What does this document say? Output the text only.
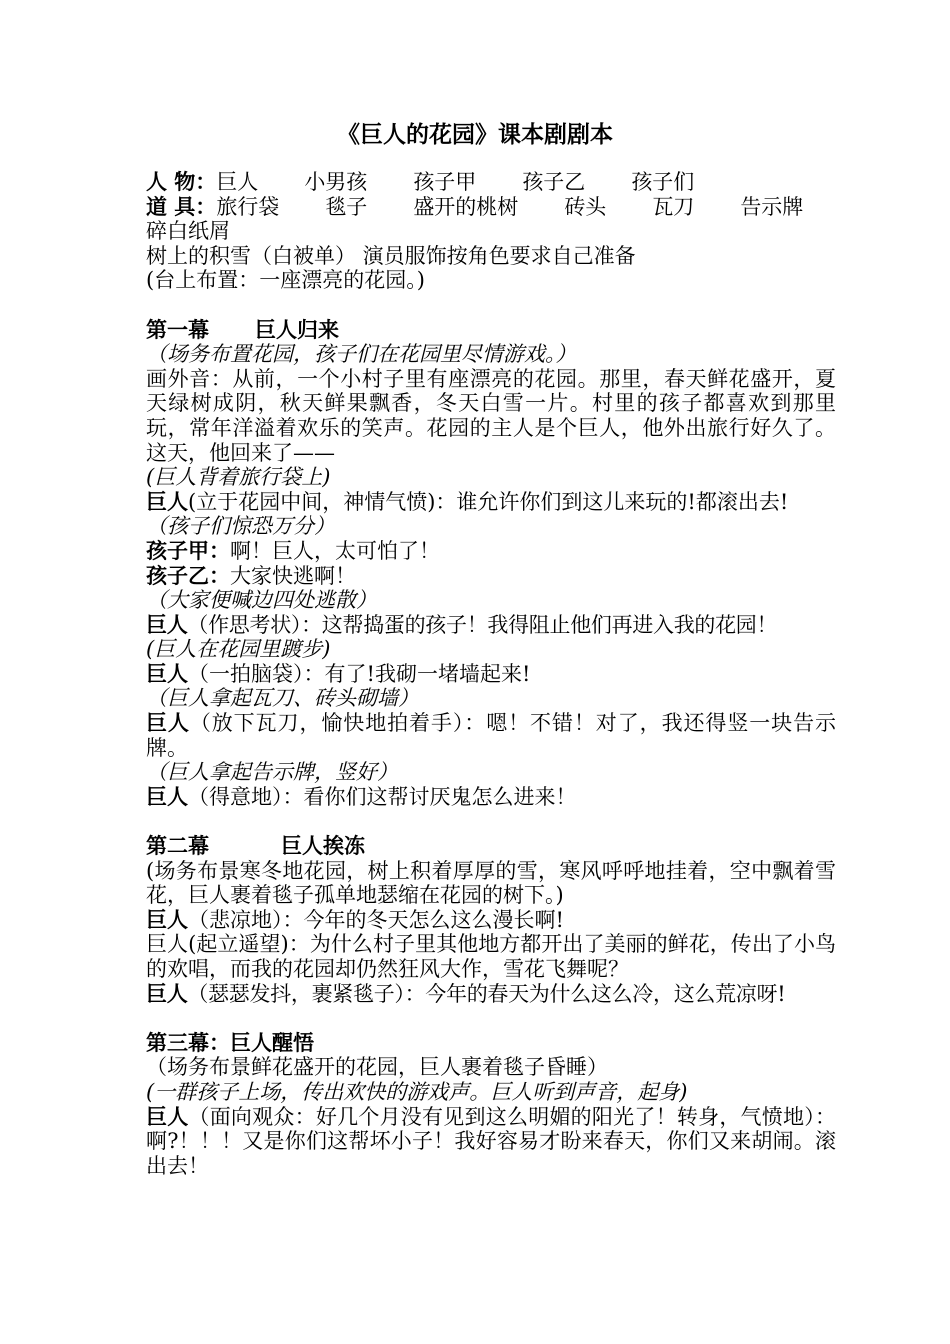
《巨人的花园》课本剧剧本
人 物：巨人 小男孩 孩子甲 孩子乙 孩子们
道 具：旅行袋 毯子 盛开的桃树 砖头 瓦刀 告示牌
碎白纸屑
树上的积雪（白被单） 演员服饰按角色要求自己准备
(台上布置：一座漂亮的花园。)
第一幕 巨人归来
（场务布置花园，孩子们在花园里尽情游戏。）
画外音：从前，一个小村子里有座漂亮的花园。那里，春天鲜花盛开，夏天绿树成阴，秋天鲜果飘香，冬天白雪一片。村里的孩子都喜欢到那里玩，常年洋溢着欢乐的笑声。花园的主人是个巨人，他外出旅行好久了。这天，他回来了——
(巨人背着旅行袋上)
巨人(立于花园中间，神情气愤)：谁允许你们到这儿来玩的!都滚出去!
（孩子们惊恐万分）
孩子甲：啊！巨人，太可怕了！
孩子乙：大家快逃啊！
（大家便喊边四处逃散）
巨人（作思考状）：这帮捣蛋的孩子！我得阻止他们再进入我的花园！
(巨人在花园里踱步)
巨人（一拍脑袋）：有了!我砌一堵墙起来!
（巨人拿起瓦刀、砖头砌墙）
巨人（放下瓦刀，愉快地拍着手）：嗯！不错！对了，我还得竖一块告示牌。
（巨人拿起告示牌，竖好）
巨人（得意地）：看你们这帮讨厌鬼怎么进来！
第二幕	巨人挨冻
(场务布景寒冬地花园，树上积着厚厚的雪，寒风呼呼地挂着，空中飘着雪花，巨人裹着毯子孤单地瑟缩在花园的树下。)
巨人（悲凉地）：今年的冬天怎么这么漫长啊!
巨人(起立遥望)：为什么村子里其他地方都开出了美丽的鲜花，传出了小鸟的欢唱，而我的花园却仍然狂风大作，雪花飞舞呢？
巨人（瑟瑟发抖，裹紧毯子）：今年的春天为什么这么冷，这么荒凉呀!
第三幕：巨人醒悟
（场务布景鲜花盛开的花园，巨人裹着毯子昏睡）
(一群孩子上场，传出欢快的游戏声。巨人听到声音，起身)
巨人（面向观众：好几个月没有见到这么明媚的阳光了！转身，气愤地）：啊?！！！又是你们这帮坏小子！我好容易才盼来春天，你们又来胡闹。滚出去！
